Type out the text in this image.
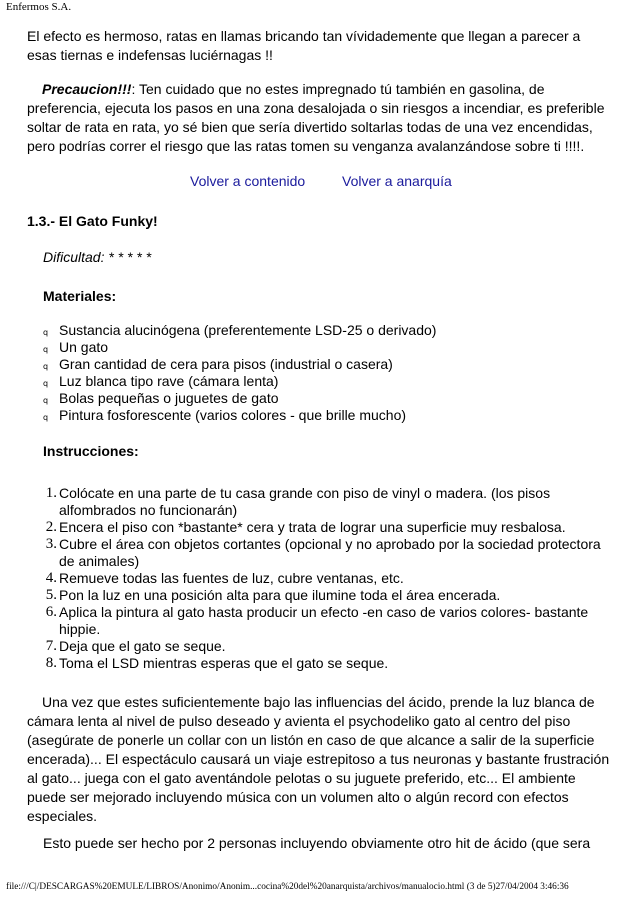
Enfermos S.A.

El efecto es hermoso, ratas en llamas bricando tan vívidademente que llegan a parecer a esas tiernas e indefensas luciérnagas !!

Precaucion!!!: Ten cuidado que no estes impregnado tú también en gasolina, de preferencia, ejecuta los pasos en una zona desalojada o sin riesgos a incendiar, es preferible soltar de rata en rata, yo sé bien que sería divertido soltarlas todas de una vez encendidas, pero podrías correr el riesgo que las ratas tomen su venganza avalanzándose sobre ti !!!!.

Volver a contenido	Volver a anarquía
1.3.- El Gato Funky!
Dificultad: * * * * *
Materiales:
q Sustancia alucinógena (preferentemente LSD-25 o derivado)
q Un gato
q Gran cantidad de cera para pisos (industrial o casera)
q Luz blanca tipo rave (cámara lenta)
q Bolas pequeñas o juguetes de gato
q Pintura fosforescente (varios colores - que brille mucho)
Instrucciones:
1. Colócate en una parte de tu casa grande con piso de vinyl o madera. (los pisos alfombrados no funcionarán)
2. Encera el piso con *bastante* cera y trata de lograr una superficie muy resbalosa.
3. Cubre el área con objetos cortantes (opcional y no aprobado por la sociedad protectora de animales)
4. Remueve todas las fuentes de luz, cubre ventanas, etc.
5. Pon la luz en una posición alta para que ilumine toda el área encerada.
6. Aplica la pintura al gato hasta producir un efecto -en caso de varios colores- bastante hippie.
7. Deja que el gato se seque.
8. Toma el LSD mientras esperas que el gato se seque.

Una vez que estes suficientemente bajo las influencias del ácido, prende la luz blanca de cámara lenta al nivel de pulso deseado y avienta el psychodeliko gato al centro del piso (asegúrate de ponerle un collar con un listón en caso de que alcance a salir de la superficie encerada)... El espectáculo causará un viaje estrepitoso a tus neuronas y bastante frustración al gato... juega con el gato aventándole pelotas o su juguete preferido, etc... El ambiente puede ser mejorado incluyendo música con un volumen alto o algún record con efectos especiales.

Esto puede ser hecho por 2 personas incluyendo obviamente otro hit de ácido (que sera

file:///C|/DESCARGAS%20EMULE/LIBROS/Anonimo/Anonim...cocina%20del%20anarquista/archivos/manualocio.html (3 de 5)27/04/2004 3:46:36
